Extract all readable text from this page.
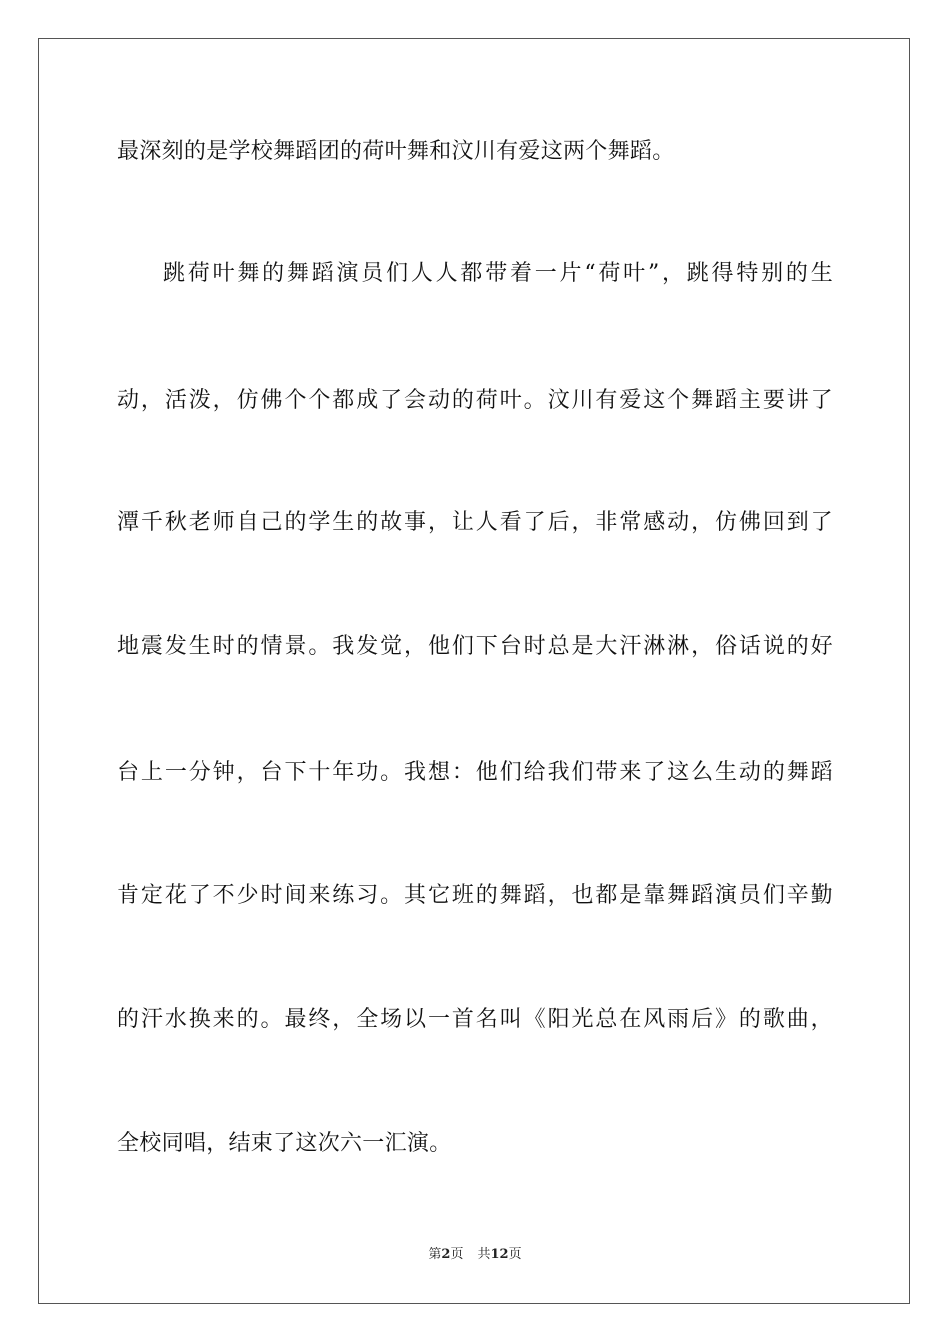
最深刻的是学校舞蹈团的荷叶舞和汶川有爱这两个舞蹈。
跳荷叶舞的舞蹈演员们人人都带着一片“荷叶”，跳得特别的生
动，活泼，仿佛个个都成了会动的荷叶。汶川有爱这个舞蹈主要讲了
潭千秋老师自己的学生的故事，让人看了后，非常感动，仿佛回到了
地震发生时的情景。我发觉，他们下台时总是大汗淋淋，俗话说的好
台上一分钟，台下十年功。我想：他们给我们带来了这么生动的舞蹈
肯定花了不少时间来练习。其它班的舞蹈，也都是靠舞蹈演员们辛勤
的汗水换来的。最终，全场以一首名叫《阳光总在风雨后》的歌曲，
全校同唱，结束了这次六一汇演。
第2页 共12页
